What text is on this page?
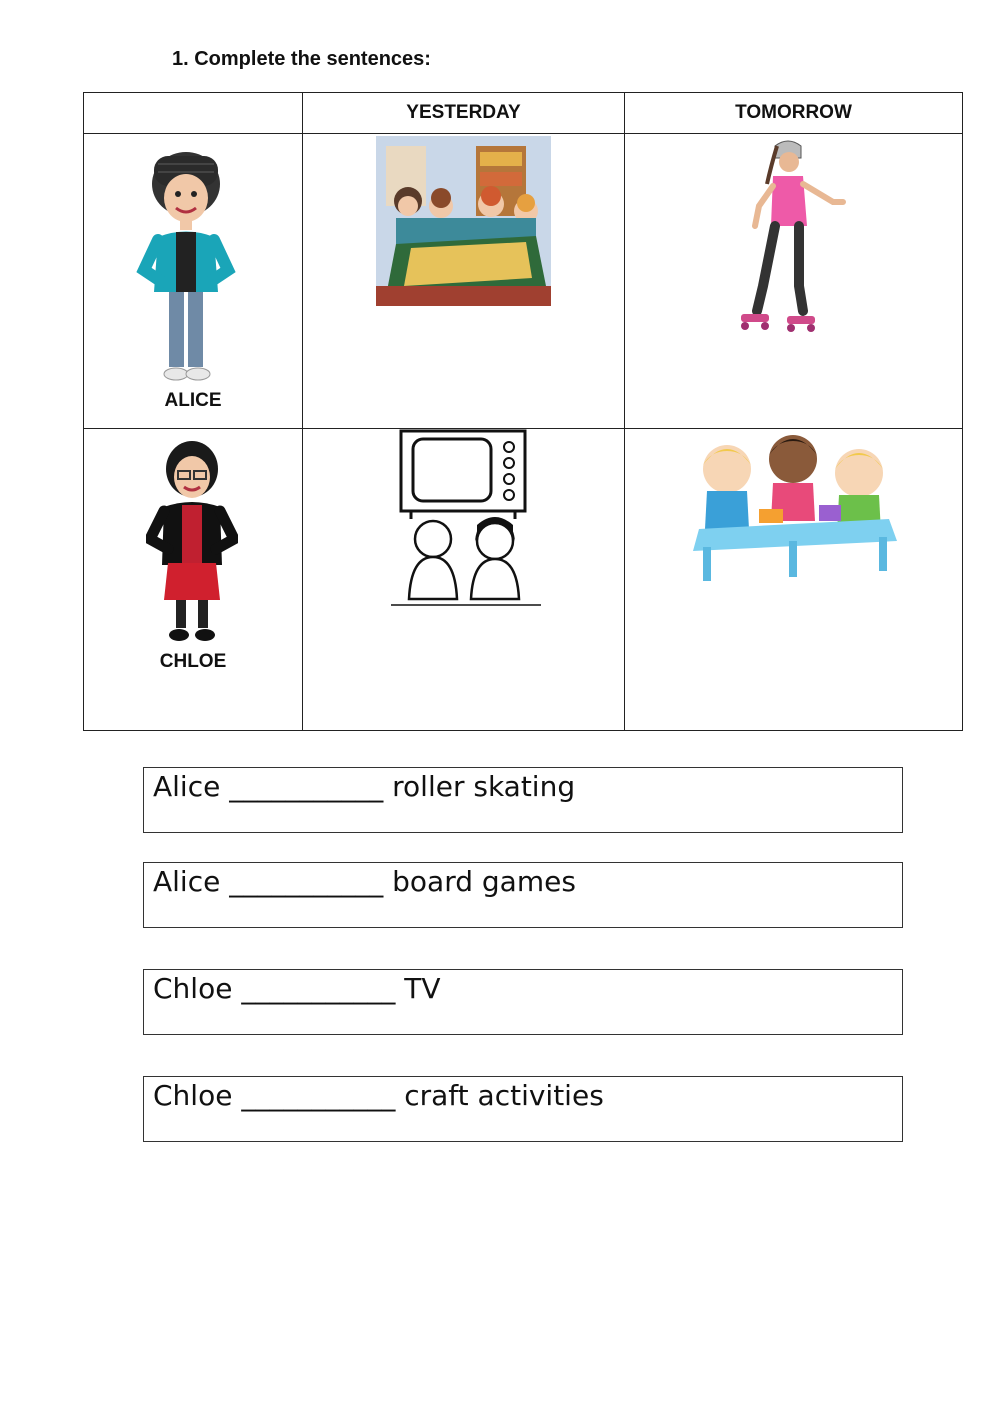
1. Complete the sentences:
	YESTERDAY	TOMORROW

ALICE

CHLOE

Alice ___________ roller skating
Alice ___________ board games
Chloe ___________ TV
Chloe ___________ craft activities
